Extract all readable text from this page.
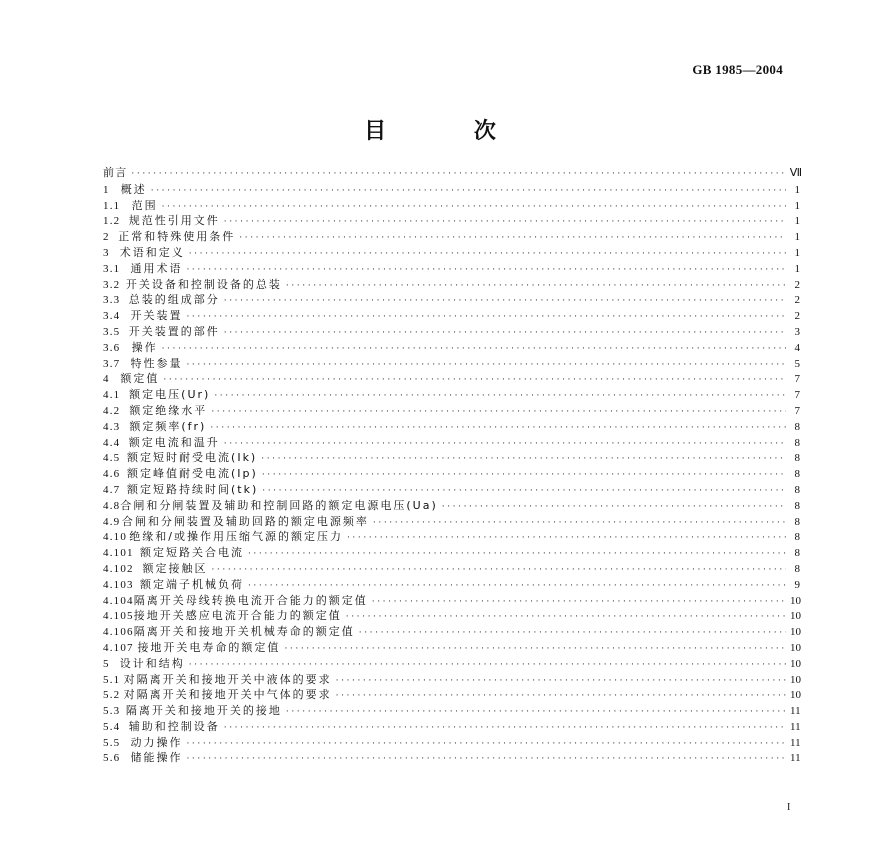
GB 1985—2004
目 次
前言 ·····	Ⅶ
1	概述 ·····	1
1.1	范围 ·····	1
1.2 规范性引用文件 ·····	1
2 正常和特殊使用条件 ·····	1
3 术语和定义 ·····	1
3.1 通用术语 ·····	1
3.2 开关设备和控制设备的总装 ·····	2
3.3 总装的组成部分 ·····	2
3.4 开关装置 ·····	2
3.5 开关装置的部件 ·····	3
3.6	操作 ·····	4
3.7 特性参量 ·····	5
4 额定值 ·····	7
4.1 额定电压(Ur) ·····	7
4.2 额定绝缘水平 ·····	7
4.3 额定频率(fr) ·····	8
4.4 额定电流和温升 ·····	8
4.5 额定短时耐受电流(Ik) ·····	8
4.6 额定峰值耐受电流(Ip) ·····	8
4.7 额定短路持续时间(tk) ·····	8
4.8 合闸和分闸装置及辅助和控制回路的额定电源电压(Ua) ·····	8
4.9 合闸和分闸装置及辅助回路的额定电源频率 ·····	8
4.10 绝缘和/或操作用压缩气源的额定压力 ·····	8
4.101 额定短路关合电流 ·····	8
4.102 额定接触区 ·····	8
4.103 额定端子机械负荷 ·····	9
4.104 隔离开关母线转换电流开合能力的额定值 ·····	10
4.105 接地开关感应电流开合能力的额定值 ·····	10
4.106 隔离开关和接地开关机械寿命的额定值 ·····	10
4.107 接地开关电寿命的额定值 ·····	10
5 设计和结构 ·····	10
5.1 对隔离开关和接地开关中液体的要求 ·····	10
5.2 对隔离开关和接地开关中气体的要求 ·····	10
5.3 隔离开关和接地开关的接地 ·····	11
5.4 辅助和控制设备 ·····	11
5.5 动力操作 ·····	11
5.6 储能操作 ·····	11
I
